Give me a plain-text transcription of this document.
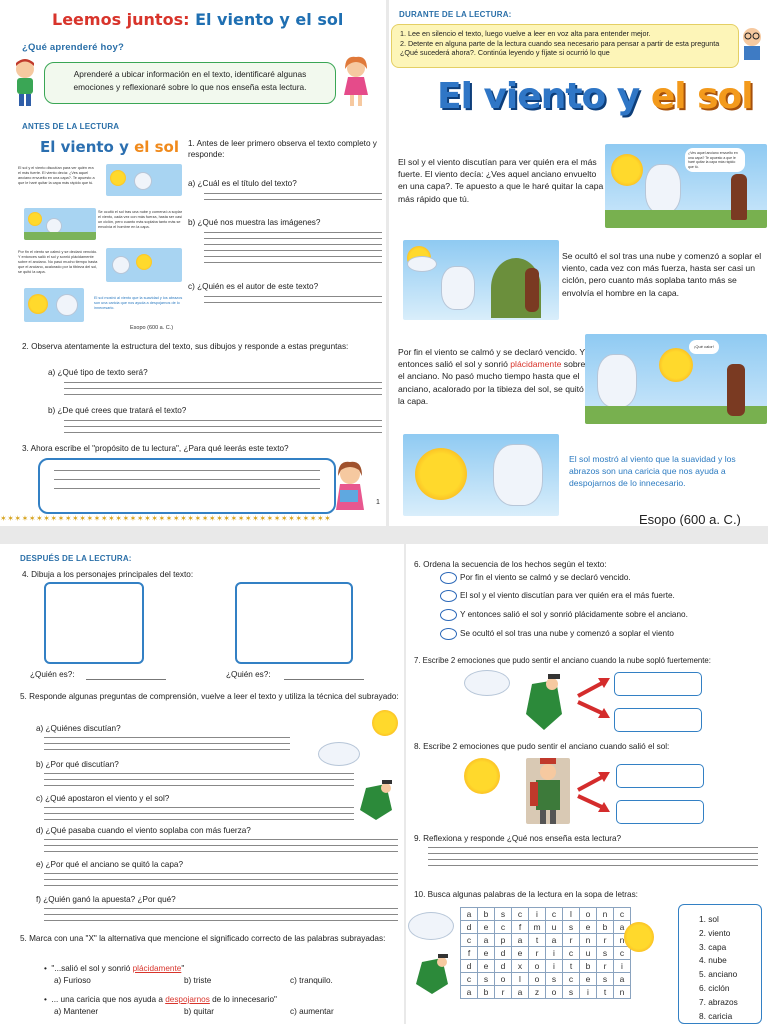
Leemos juntos: El viento y el sol
¿Qué aprenderé hoy?
Aprenderé a ubicar información en el texto, identificaré algunas emociones y reflexionaré sobre lo que nos enseña esta lectura.
ANTES DE LA LECTURA
El viento y el sol
El sol y el viento discutían para ver quién era el más fuerte. El viento decía: ¿Ves aquel anciano envuelto en una capa?. Te apuesto a que le haré quitar la capa más rápido que tú.
Se ocultó el sol tras una nube y comenzó a soplar el viento, cada vez con más fuerza, hasta ser casi un ciclón, pero cuanto más soplaba tanto más se envolvía el hombre en la capa.
Por fin el viento se calmó y se declaró vencido. Y entonces salió el sol y sonrió plácidamente sobre el anciano. No pasó mucho tiempo hasta que el anciano, acalorado por la tibieza del sol, se quitó la capa.
El sol mostró al viento que la suavidad y los abrazos son una caricia que nos ayuda a despojarnos de lo innecesario.
Esopo (600 a. C.)
1. Antes de leer primero observa el texto completo y responde:
a) ¿Cuál es el título del texto?
b) ¿Qué nos muestra las imágenes?
c) ¿Quién es el autor de este texto?
2. Observa atentamente la estructura del texto, sus dibujos y responde a estas preguntas:
a) ¿Qué tipo de texto será?
b) ¿De qué crees que tratará el texto?
3. Ahora escribe el "propósito de tu lectura", ¿Para qué leerás este texto?
1
✶✶✶✶✶✶✶✶✶✶✶✶✶✶✶✶✶✶✶✶✶✶✶✶✶✶✶✶✶✶✶✶✶✶✶✶✶✶✶✶✶✶✶✶✶✶
DURANTE DE LA LECTURA:
1. Lee en silencio el texto, luego vuelve a leer en voz alta para entender mejor.
2. Detente en alguna parte de la lectura cuando sea necesario para pensar a partir de esta pregunta ¿Qué sucederá ahora?. Continúa leyendo y fíjate si ocurrió lo que
El viento y el sol
El sol y el viento discutían para ver quién era el más fuerte. El viento decía: ¿Ves aquel anciano envuelto en una capa?. Te apuesto a que le haré quitar la capa más rápido que tú.
¿Ves aquel anciano envuelto en una capa? Te apuesto a que le haré quitar la capa más rápido que tú.
Se ocultó el sol tras una nube y comenzó a soplar el viento, cada vez con más fuerza, hasta ser casi un ciclón, pero cuanto más soplaba tanto más se envolvía el hombre en la capa.
Por fin el viento se calmó y se declaró vencido. Y entonces salió el sol y sonrió plácidamente sobre el anciano. No pasó mucho tiempo hasta que el anciano, acalorado por la tibieza del sol, se quitó la capa.
¡Qué calor!
El sol mostró al viento que la suavidad y los abrazos son una caricia que nos ayuda a despojarnos de lo innecesario.
Esopo (600 a. C.)
DESPUÉS DE LA LECTURA:
4. Dibuja a los personajes principales del texto:
¿Quién es?:	¿Quién es?:
5. Responde algunas preguntas de comprensión, vuelve a leer el texto y utiliza la técnica del subrayado:
a) ¿Quiénes discutían?
b) ¿Por qué discutían?
c) ¿Qué apostaron el viento y el sol?
d) ¿Qué pasaba cuando el viento soplaba con más fuerza?
e) ¿Por qué el anciano se quitó la capa?
f) ¿Quién ganó la apuesta? ¿Por qué?
5. Marca con una "X" la alternativa que mencione el significado correcto de las palabras subrayadas:
•  "...salió el sol y sonrió plácidamente"
a) Furioso	b) triste	c) tranquilo.
•  ... una caricia que nos ayuda a despojarnos de lo innecesario"
a) Mantener	b) quitar	c) aumentar
6. Ordena la secuencia de los hechos según el texto:
Por fin el viento se calmó y se declaró vencido.
El sol y el viento discutían para ver quién era el más fuerte.
Y entonces salió el sol y sonrió plácidamente sobre el anciano.
Se ocultó el sol tras una nube y comenzó a soplar el viento
7. Escribe 2 emociones que pudo sentir el anciano cuando la nube sopló fuertemente:
8. Escribe 2 emociones que pudo sentir el anciano cuando salió el sol:
9. Reflexiona y responde ¿Qué nos enseña esta lectura?
10. Busca algunas palabras de la lectura en la sopa de letras:
a	b	s	c	i	c	l	o	n	c
d	e	c	f	m	u	s	e	b	a
c	a	p	a	t	a	r	n	r	n
f	e	d	e	r	i	c	u	s	c
d	e	d	x	o	i	t	b	r	i
c	s	o	l	o	s	c	e	s	a
a	b	r	a	z	o	s	i	t	n
1. sol
2. viento
3. capa
4. nube
5. anciano
6. ciclón
7. abrazos
8. caricia
